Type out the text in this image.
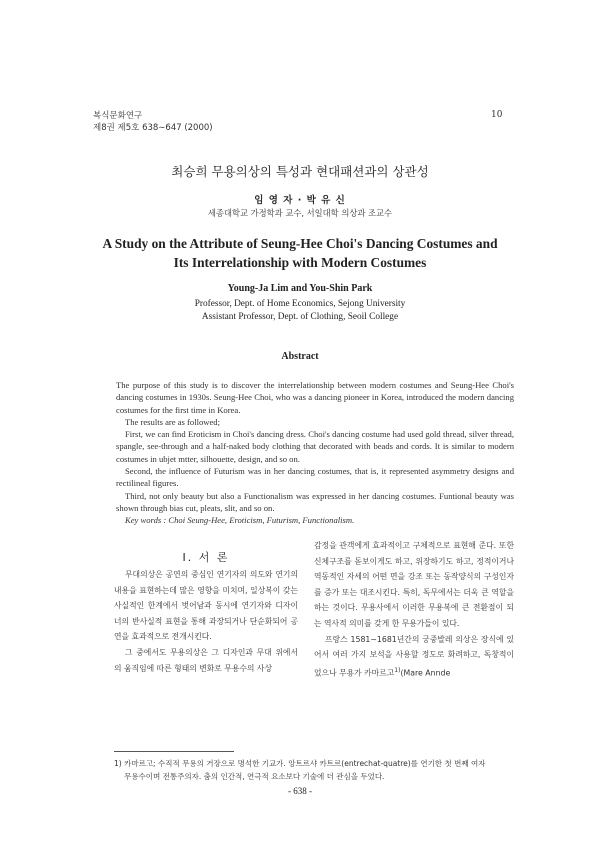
복식문화연구
제8권 제5호 638∼647 (2000)
10
최승희 무용의상의 특성과 현대패션과의 상관성
임 영 자 · 박 유 신
세종대학교 가정학과 교수, 서일대학 의상과 조교수
A Study on the Attribute of Seung-Hee Choi's Dancing Costumes and
Its Interrelationship with Modern Costumes
Young-Ja Lim and You-Shin Park
Professor, Dept. of Home Economics, Sejong University
Assistant Professor, Dept. of Clothing, Seoil College
Abstract

The purpose of this study is to discover the interrelationship between modern costumes and Seung-Hee Choi's dancing costumes in 1930s. Seung-Hee Choi, who was a dancing pioneer in Korea, introduced the modern dancing costumes for the first time in Korea.

The results are as followed;

First, we can find Eroticism in Choi's dancing dress. Choi's dancing costume had used gold thread, silver thread, spangle, see-through and a half-naked body clothing that decorated with beads and cords. It is similar to modern costumes in ubjet mtter, silhouette, design, and so on.

Second, the influence of Futurism was in her dancing costumes, that is, it represented asymmetry designs and rectilineal figures.

Third, not only beauty but also a Functionalism was expressed in her dancing costumes. Funtional beauty was shown through bias cut, pleats, slit, and so on.

Key words : Choi Seung-Hee, Eroticism, Futurism, Functionalism.

Ⅰ. 서 론

무대의상은 공연의 중심인 연기자의 의도와 연기의 내용을 표현하는데 많은 영향을 미치며, 일상복이 갖는 사실적인 한계에서 벗어남과 동시에 연기자와 디자이너의 반사실적 표현을 통해 과장되거나 단순화되어 공연을 효과적으로 전개시킨다.

그 중에서도 무용의상은 그 디자인과 무대 위에서의 움직임에 따른 형태의 변화로 무용수의 사상

감정을 관객에게 효과적이고 구체적으로 표현해 준다. 또한 신체구조를 돋보이게도 하고, 위장하기도 하고, 정적이거나 역동적인 자세의 어떤 면을 강조 또는 동작양식의 구성인자를 증가 또는 대조시킨다. 특히, 독무에서는 더욱 큰 역할을 하는 것이다. 무용사에서 이러한 무용복에 큰 전환점이 되는 역사적 의미를 갖게 한 무용가들이 있다.

프랑스 1581∼1681년간의 궁중발레 의상은 장식에 있어서 여러 가지 보석을 사용할 정도로 화려하고, 독창적이었으나 무용가 카마르고$^{1)}$(Mare Annde

1) 카마르고; 수직적 무용의 거장으로 명석한 기교가. 앙트르샤 카트르(entrechat-quatre)를 연기한 첫 번째 여자

무용수이며 전통주의자. 춤의 인간적, 연극적 요소보다 기술에 더 관심을 두었다.

- 638 -
